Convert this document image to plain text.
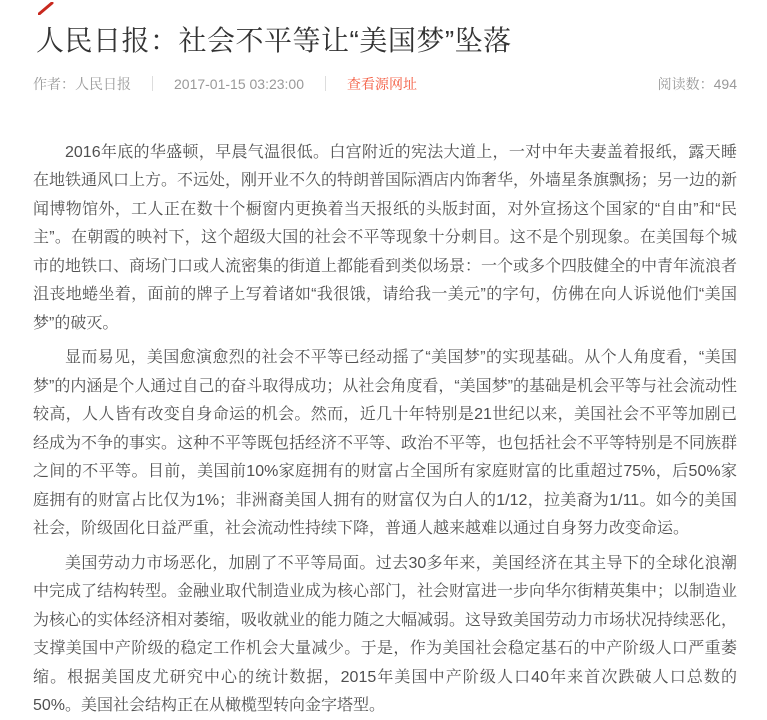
人民日报：社会不平等让“美国梦”坠落
作者：人民日报	2017-01-15 03:23:00	查看源网址	阅读数：494

2016年底的华盛顿，早晨气温很低。白宫附近的宪法大道上，一对中年夫妻盖着报纸，露天睡在地铁通风口上方。不远处，刚开业不久的特朗普国际酒店内饰奢华，外墙星条旗飘扬；另一边的新闻博物馆外，工人正在数十个橱窗内更换着当天报纸的头版封面，对外宣扬这个国家的“自由”和“民主”。在朝霞的映衬下，这个超级大国的社会不平等现象十分刺目。这不是个别现象。在美国每个城市的地铁口、商场门口或人流密集的街道上都能看到类似场景：一个或多个四肢健全的中青年流浪者沮丧地蜷坐着，面前的牌子上写着诸如“我很饿，请给我一美元”的字句，仿佛在向人诉说他们“美国梦”的破灭。

显而易见，美国愈演愈烈的社会不平等已经动摇了“美国梦”的实现基础。从个人角度看，“美国梦”的内涵是个人通过自己的奋斗取得成功；从社会角度看，“美国梦”的基础是机会平等与社会流动性较高，人人皆有改变自身命运的机会。然而，近几十年特别是21世纪以来，美国社会不平等加剧已经成为不争的事实。这种不平等既包括经济不平等、政治不平等，也包括社会不平等特别是不同族群之间的不平等。目前，美国前10%家庭拥有的财富占全国所有家庭财富的比重超过75%，后50%家庭拥有的财富占比仅为1%；非洲裔美国人拥有的财富仅为白人的1/12，拉美裔为1/11。如今的美国社会，阶级固化日益严重，社会流动性持续下降，普通人越来越难以通过自身努力改变命运。

美国劳动力市场恶化，加剧了不平等局面。过去30多年来，美国经济在其主导下的全球化浪潮中完成了结构转型。金融业取代制造业成为核心部门，社会财富进一步向华尔街精英集中；以制造业为核心的实体经济相对萎缩，吸收就业的能力随之大幅减弱。这导致美国劳动力市场状况持续恶化，支撑美国中产阶级的稳定工作机会大量减少。于是，作为美国社会稳定基石的中产阶级人口严重萎缩。根据美国皮尤研究中心的统计数据，2015年美国中产阶级人口40年来首次跌破人口总数的50%。美国社会结构正在从橄榄型转向金字塔型。
